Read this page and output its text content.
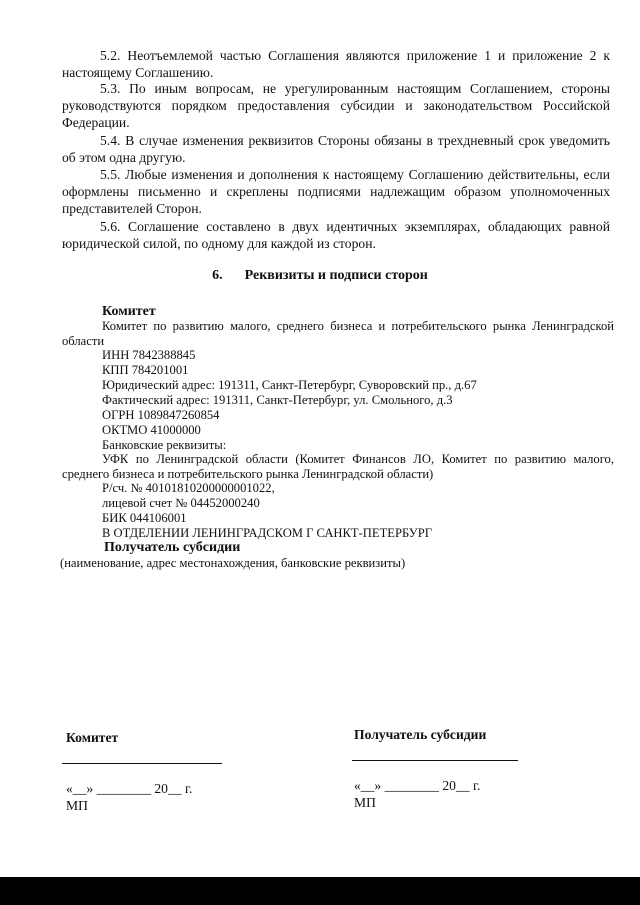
5.2. Неотъемлемой частью Соглашения являются приложение 1 и приложение 2 к настоящему Соглашению.
5.3. По иным вопросам, не урегулированным настоящим Соглашением, стороны руководствуются порядком предоставления субсидии и законодательством Российской Федерации.
5.4. В случае изменения реквизитов Стороны обязаны в трехдневный срок уведомить об этом одна другую.
5.5. Любые изменения и дополнения к настоящему Соглашению действительны, если оформлены письменно и скреплены подписями надлежащим образом уполномоченных представителей Сторон.
5.6. Соглашение составлено в двух идентичных экземплярах, обладающих равной юридической силой, по одному для каждой из сторон.
6. Реквизиты и подписи сторон
Комитет
Комитет по развитию малого, среднего бизнеса и потребительского рынка Ленинградской области
ИНН 7842388845
КПП 784201001
Юридический адрес: 191311, Санкт-Петербург, Суворовский пр., д.67
Фактический адрес: 191311, Санкт-Петербург, ул. Смольного, д.3
ОГРН 1089847260854
ОКТМО 41000000
Банковские реквизиты:
УФК по Ленинградской области (Комитет Финансов ЛО, Комитет по развитию малого, среднего бизнеса и потребительского рынка Ленинградской области)
Р/сч. № 40101810200000001022,
лицевой счет № 04452000240
БИК 044106001
В ОТДЕЛЕНИИ ЛЕНИНГРАДСКОМ Г САНКТ-ПЕТЕРБУРГ
Получатель субсидии
(наименование, адрес местонахождения, банковские реквизиты)
Комитет
«__» ________ 20__ г.
МП
Получатель субсидии
«__» ________ 20__ г.
МП
